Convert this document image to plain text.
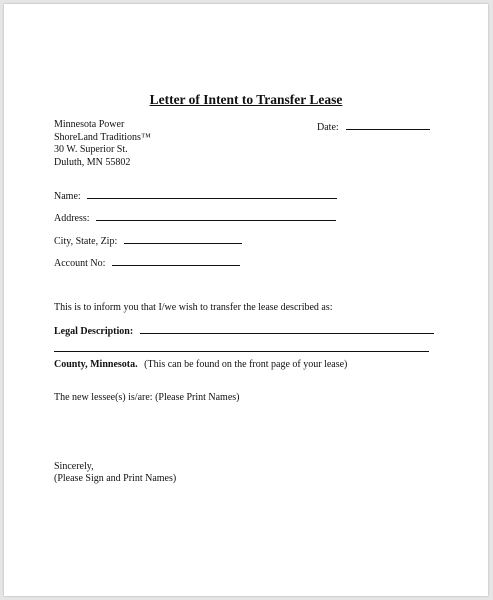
Letter of Intent to Transfer Lease
Minnesota Power
ShoreLand Traditions™
30 W. Superior St.
Duluth, MN 55802
Date:
Name:
Address:
City, State, Zip:
Account No:
This is to inform you that I/we wish to transfer the lease described as:
Legal Description:
County, Minnesota. (This can be found on the front page of your lease)
The new lessee(s) is/are: (Please Print Names)
Sincerely,
(Please Sign and Print Names)
